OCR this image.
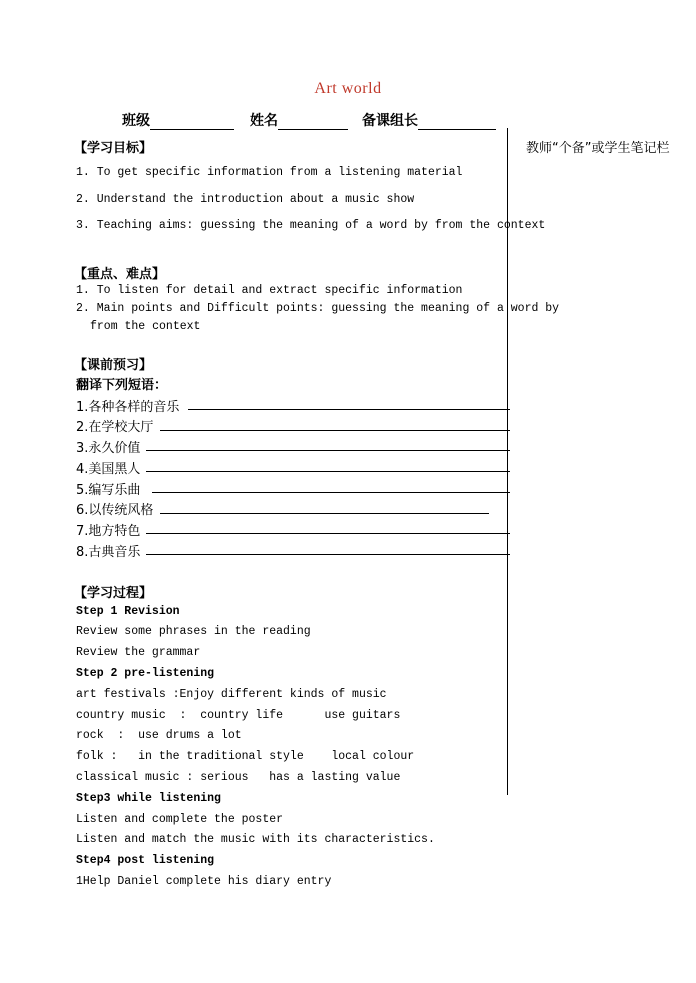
Art world
班级	姓名	备课组长
教师“个备”或学生笔记栏
【学习目标】
1. To get specific information from a listening material
2. Understand the introduction about a music show
3. Teaching aims: guessing the meaning of a word by from the context
【重点、难点】
1. To listen for detail and extract specific information
2. Main points and Difficult points: guessing the meaning of a word by
from the context
【课前预习】
翻译下列短语：
1.各种各样的音乐
2.在学校大厅
3.永久价值
4.美国黑人
5.编写乐曲
6.以传统风格
7.地方特色
8.古典音乐
【学习过程】
Step 1 Revision
Review some phrases in the reading
Review the grammar
Step 2 pre-listening
art festivals :Enjoy different kinds of music
country music  :  country life      use guitars
rock  :  use drums a lot
folk :   in the traditional style    local colour
classical music : serious   has a lasting value
Step3 while listening
Listen and complete the poster
Listen and match the music with its characteristics.
Step4 post listening
1Help Daniel complete his diary entry
